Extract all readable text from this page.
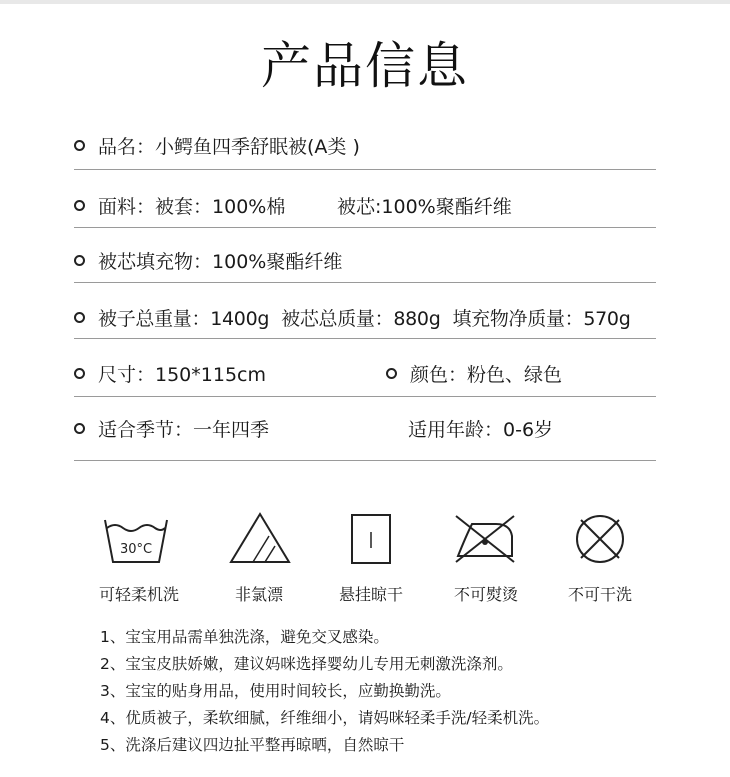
产品信息
品名：小鳄鱼四季舒眠被(A类 )
面料：被套：100%棉	被芯:100%聚酯纤维
被芯填充物：100%聚酯纤维
被子总重量：1400g 被芯总质量：880g 填充物净质量：570g
尺寸：150*115cm	颜色：粉色、绿色
适合季节：一年四季	适用年龄：0-6岁
30°C
可轻柔机洗	非氯漂	悬挂晾干	不可熨烫	不可干洗
1、宝宝用品需单独洗涤，避免交叉感染。
2、宝宝皮肤娇嫩，建议妈咪选择婴幼儿专用无刺激洗涤剂。
3、宝宝的贴身用品，使用时间较长，应勤换勤洗。
4、优质被子，柔软细腻，纤维细小，请妈咪轻柔手洗/轻柔机洗。
5、洗涤后建议四边扯平整再晾晒，自然晾干
